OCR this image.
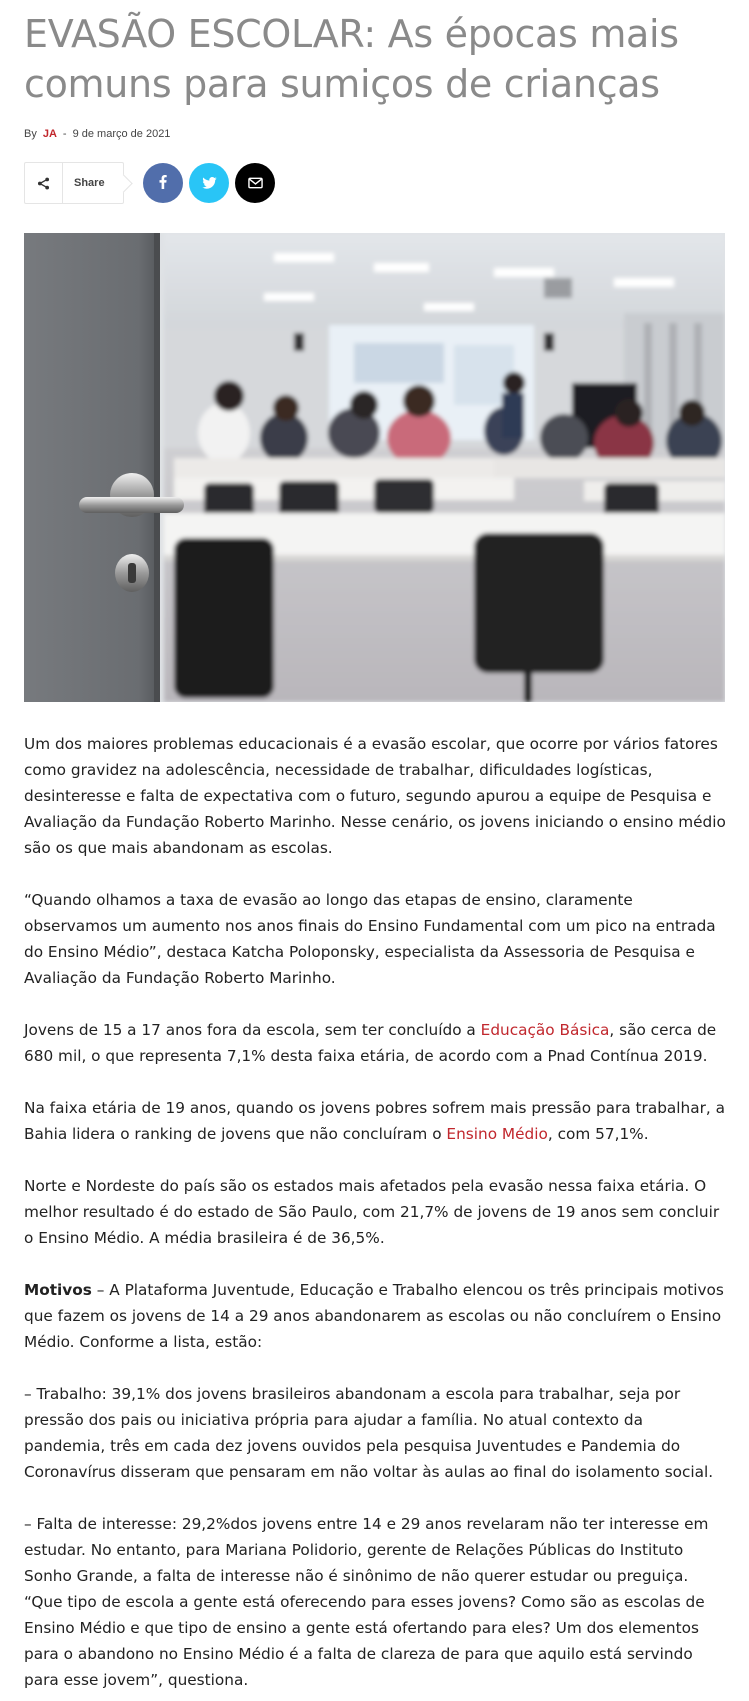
EVASÃO ESCOLAR: As épocas mais comuns para sumiços de crianças
By JA - 9 de março de 2021
Share

Um dos maiores problemas educacionais é a evasão escolar, que ocorre por vários fatores como gravidez na adolescência, necessidade de trabalhar, dificuldades logísticas, desinteresse e falta de expectativa com o futuro, segundo apurou a equipe de Pesquisa e Avaliação da Fundação Roberto Marinho. Nesse cenário, os jovens iniciando o ensino médio são os que mais abandonam as escolas.

“Quando olhamos a taxa de evasão ao longo das etapas de ensino, claramente observamos um aumento nos anos finais do Ensino Fundamental com um pico na entrada do Ensino Médio”, destaca Katcha Poloponsky, especialista da Assessoria de Pesquisa e Avaliação da Fundação Roberto Marinho.

Jovens de 15 a 17 anos fora da escola, sem ter concluído a Educação Básica, são cerca de 680 mil, o que representa 7,1% desta faixa etária, de acordo com a Pnad Contínua 2019.

Na faixa etária de 19 anos, quando os jovens pobres sofrem mais pressão para trabalhar, a Bahia lidera o ranking de jovens que não concluíram o Ensino Médio, com 57,1%.

Norte e Nordeste do país são os estados mais afetados pela evasão nessa faixa etária. O melhor resultado é do estado de São Paulo, com 21,7% de jovens de 19 anos sem concluir o Ensino Médio. A média brasileira é de 36,5%.

Motivos – A Plataforma Juventude, Educação e Trabalho elencou os três principais motivos que fazem os jovens de 14 a 29 anos abandonarem as escolas ou não concluírem o Ensino Médio. Conforme a lista, estão:

– Trabalho: 39,1% dos jovens brasileiros abandonam a escola para trabalhar, seja por pressão dos pais ou iniciativa própria para ajudar a família. No atual contexto da pandemia, três em cada dez jovens ouvidos pela pesquisa Juventudes e Pandemia do Coronavírus disseram que pensaram em não voltar às aulas ao final do isolamento social.

– Falta de interesse: 29,2%dos jovens entre 14 e 29 anos revelaram não ter interesse em estudar. No entanto, para Mariana Polidorio, gerente de Relações Públicas do Instituto Sonho Grande, a falta de interesse não é sinônimo de não querer estudar ou preguiça. “Que tipo de escola a gente está oferecendo para esses jovens? Como são as escolas de Ensino Médio e que tipo de ensino a gente está ofertando para eles? Um dos elementos para o abandono no Ensino Médio é a falta de clareza de para que aquilo está servindo para esse jovem”, questiona.
